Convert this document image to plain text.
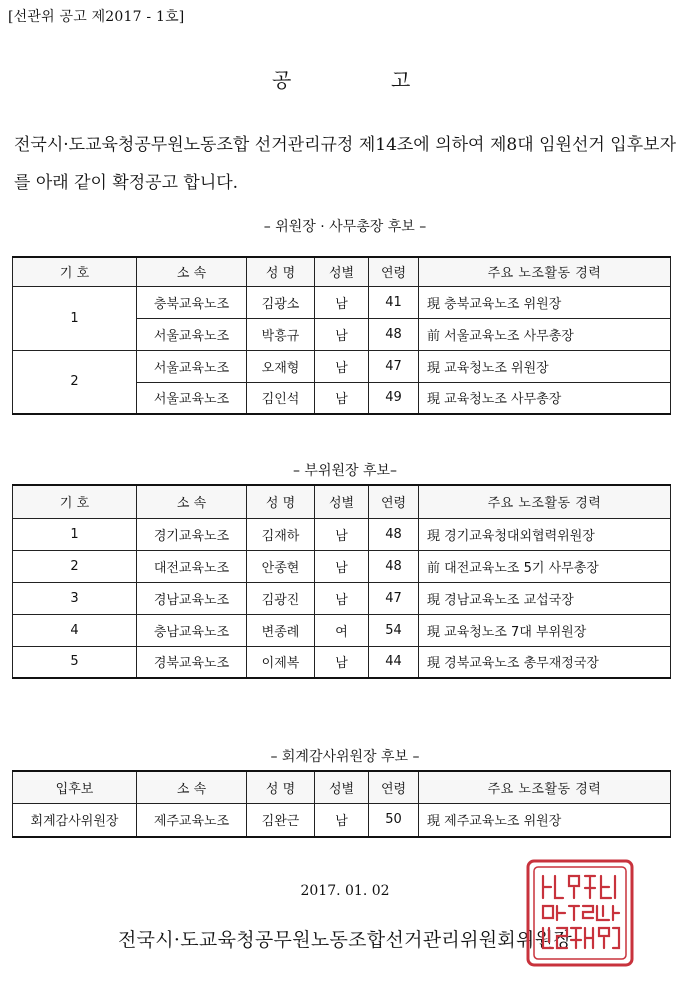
[선관위 공고 제2017 - 1호]
공	고
전국시·도교육청공무원노동조합 선거관리규정 제14조에 의하여 제8대 임원선거 입후보자를 아래 같이 확정공고 합니다.
– 위원장 · 사무총장 후보 –
기 호	소 속	성 명	성별	연령	주요 노조활동 경력
1	충북교육노조	김광소	남	41	現 충북교육노조 위원장
	서울교육노조	박흥규	남	48	前 서울교육노조 사무총장
2	서울교육노조	오재형	남	47	現 교육청노조 위원장
	서울교육노조	김인석	남	49	現 교육청노조 사무총장
– 부위원장 후보–
기 호	소 속	성 명	성별	연령	주요 노조활동 경력
1	경기교육노조	김재하	남	48	現 경기교육청대외협력위원장
2	대전교육노조	안종현	남	48	前 대전교육노조 5기 사무총장
3	경남교육노조	김광진	남	47	現 경남교육노조 교섭국장
4	충남교육노조	변종례	여	54	現 교육청노조 7대 부위원장
5	경북교육노조	이제복	남	44	現 경북교육노조 총무재정국장
– 회계감사위원장 후보 –
입후보	소 속	성 명	성별	연령	주요 노조활동 경력
회계감사위원장	제주교육노조	김완근	남	50	現 제주교육노조 위원장
2017. 01. 02
전국시·도교육청공무원노동조합선거관리위원회위원장
